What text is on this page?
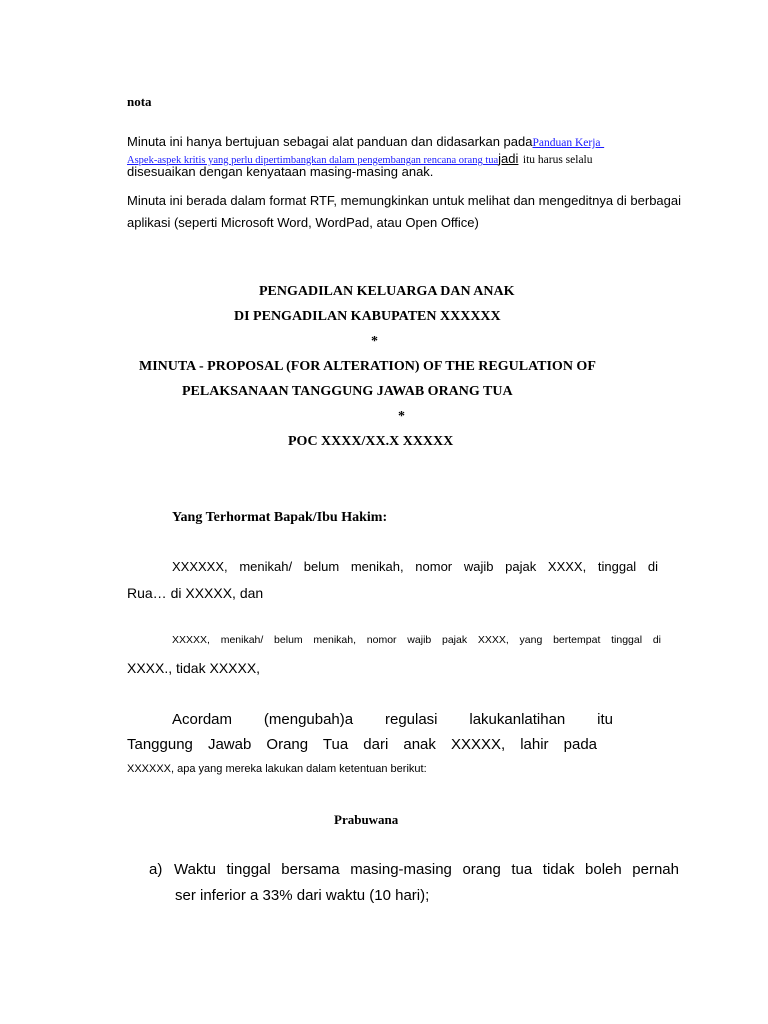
nota
Minuta ini hanya bertujuan sebagai alat panduan dan didasarkan padaPanduan Kerja
Aspek-aspek kritis yang perlu dipertimbangkan dalam pengembangan rencana orang tuajadi itu harus selalu
disesuaikan dengan kenyataan masing-masing anak.
Minuta ini berada dalam format RTF, memungkinkan untuk melihat dan mengeditnya di berbagai
aplikasi (seperti Microsoft Word, WordPad, atau Open Office)
PENGADILAN KELUARGA DAN ANAK
DI PENGADILAN KABUPATEN XXXXXX
*
MINUTA - PROPOSAL (FOR ALTERATION) OF THE REGULATION OF
PELAKSANAAN TANGGUNG JAWAB ORANG TUA
*
POC XXXX/XX.X XXXXX
Yang Terhormat Bapak/Ibu Hakim:
XXXXXX, menikah/ belum menikah, nomor wajib pajak XXXX, tinggal di
Rua… di XXXXX, dan
XXXXX, menikah/ belum menikah, nomor wajib pajak XXXX, yang bertempat tinggal di
XXXX., tidak XXXXX,
Acordam (mengubah)a regulasi lakukanlatihan itu
Tanggung Jawab Orang Tua dari anak XXXXX, lahir pada
XXXXXX, apa yang mereka lakukan dalam ketentuan berikut:
Prabuwana
a) Waktu tinggal bersama masing-masing orang tua tidak boleh pernah
ser inferior a 33% dari waktu (10 hari);
